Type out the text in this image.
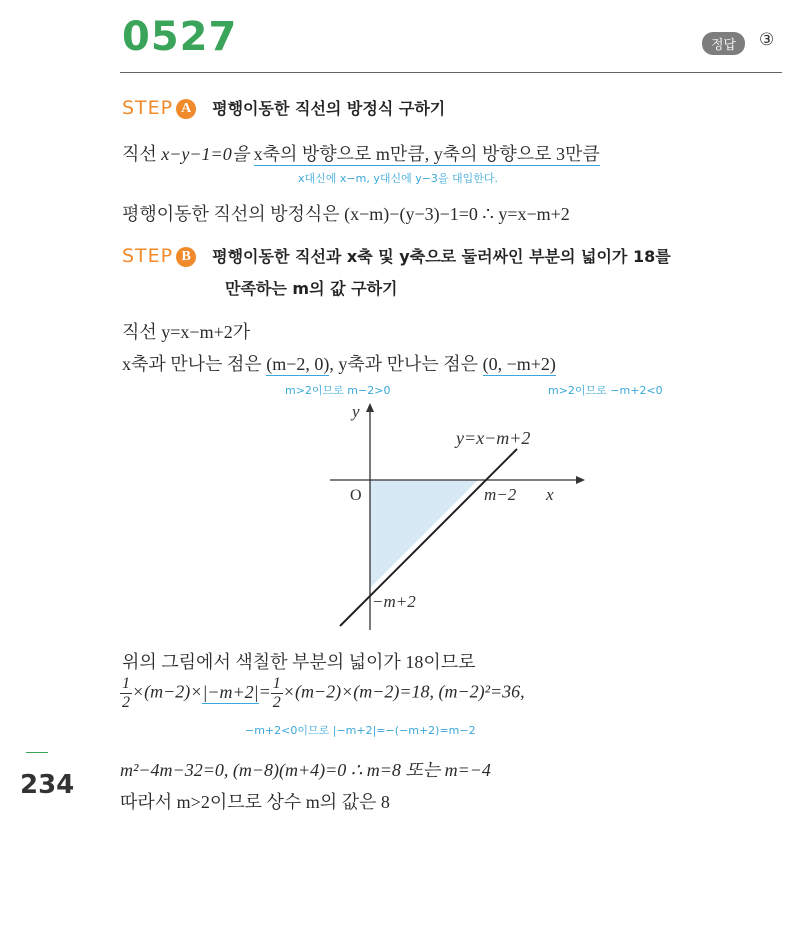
0527	정답	③
STEP A 평행이동한 직선의 방정식 구하기
직선 x−y−1=0을 x축의 방향으로 m만큼, y축의 방향으로 3만큼
x대신에 x−m, y대신에 y−3을 대입한다.
평행이동한 직선의 방정식은 (x−m)−(y−3)−1=0 ∴ y=x−m+2
STEP B 평행이동한 직선과 x축 및 y축으로 둘러싸인 부분의 넓이가 18를
만족하는 m의 값 구하기
직선 y=x−m+2가
x축과 만나는 점은 (m−2, 0), y축과 만나는 점은 (0, −m+2)
m>2이므로 m−2>0	m>2이므로 −m+2<0
y
x
O
y=x−m+2
m−2
−m+2
위의 그림에서 색칠한 부분의 넓이가 18이므로
$\frac{1}{2} \times(m-2)\times|-m+2|= \frac{1}{2} \times(m-2)\times(m-2)=18$, (m−2)²=36,
−m+2<0이므로 |−m+2|=−(−m+2)=m−2
m²−4m−32=0, (m−8)(m+4)=0 ∴ m=8 또는 m=−4
따라서 m>2이므로 상수 m의 값은 8
234
